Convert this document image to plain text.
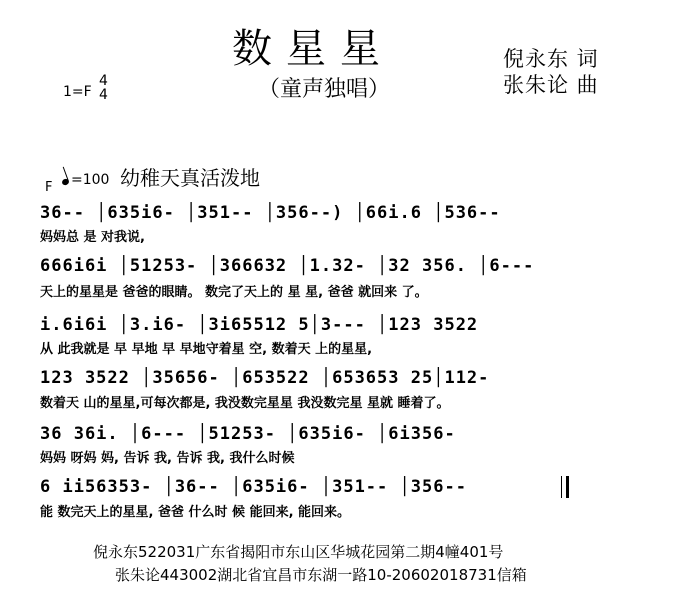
数星星
（童声独唱）
倪永东 词
张朱论 曲
1=F
4
4
F	=100 幼稚天真活泼地
36-- │635i6- │351-- │356--) │66i.6 │536--
妈妈总 是 对我说,
666i6i │51253- │366632 │1.32- │32 356. │6---
天上的星星是 爸爸的眼睛。 数完了天上的 星 星, 爸爸 就回来 了。
i.6i6i │3.i6- │3i65512 5│3--- │123 3522
从 此我就是 早 早地 早 早地守着星 空, 数着天 上的星星,
123 3522 │35656- │653522 │653653 25│112-
数着天 山的星星,可每次都是, 我没数完星星 我没数完星 星就 睡着了。
36 36i. │6--- │51253- │635i6- │6i356-
妈妈 呀妈 妈, 告诉 我, 告诉 我, 我什么时候
6 ii56353- │36-- │635i6- │351-- │356--
能 数完天上的星星, 爸爸 什么时 候 能回来, 能回来。
倪永东522031广东省揭阳市东山区华城花园第二期4幢401号
张朱论443002湖北省宜昌市东湖一路10-20602018731信箱
